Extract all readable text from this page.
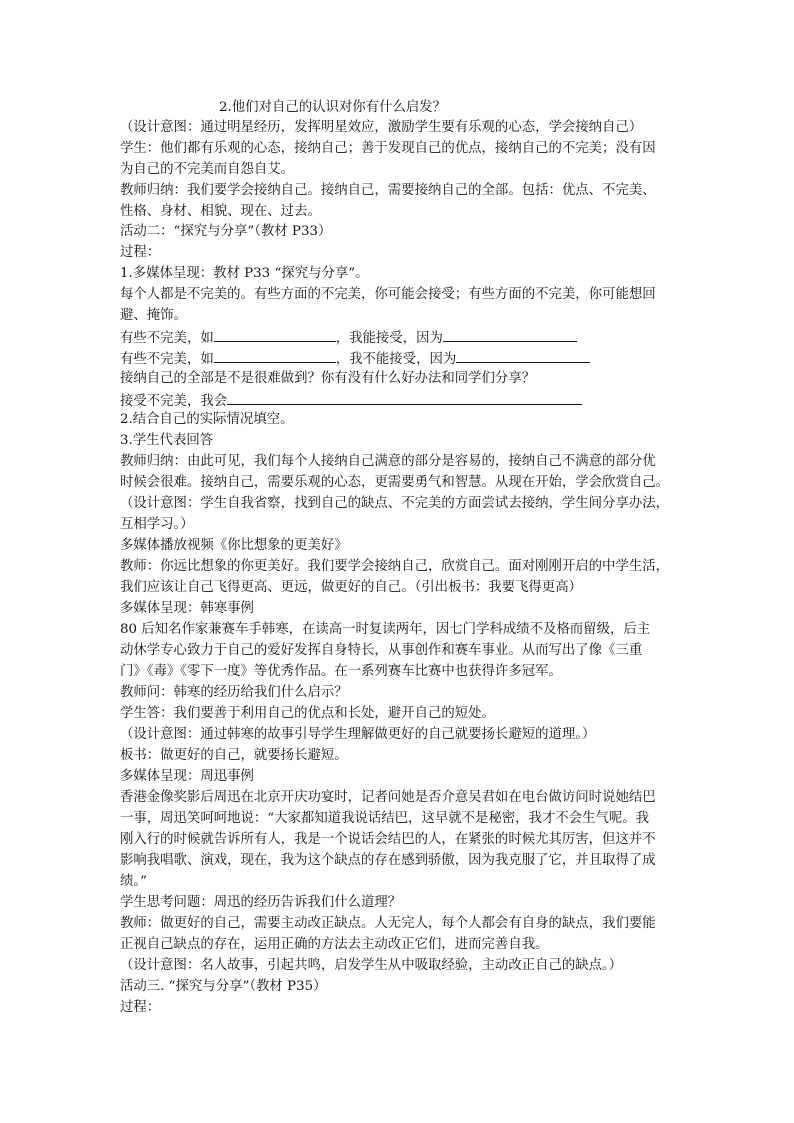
2.他们对自己的认识对你有什么启发？
（设计意图：通过明星经历，发挥明星效应，激励学生要有乐观的心态，学会接纳自己）
学生：他们都有乐观的心态，接纳自己；善于发现自己的优点，接纳自己的不完美；没有因
为自己的不完美而自怨自艾。
教师归纳：我们要学会接纳自己。接纳自己，需要接纳自己的全部。包括：优点、不完美、
性格、身材、相貌、现在、过去。
活动二：“探究与分享”（教材 P33）
过程：
1.多媒体呈现：教材 P33 “探究与分享”。
每个人都是不完美的。有些方面的不完美，你可能会接受；有些方面的不完美，你可能想回
避、掩饰。
有些不完美，如	，我能接受，因为
有些不完美，如	，我不能接受，因为
接纳自己的全部是不是很难做到？你有没有什么好办法和同学们分享？
接受不完美，我会
2.结合自己的实际情况填空。
3.学生代表回答
教师归纳：由此可见，我们每个人接纳自己满意的部分是容易的，接纳自己不满意的部分优
时候会很难。接纳自己，需要乐观的心态，更需要勇气和智慧。从现在开始，学会欣赏自己。
（设计意图：学生自我省察，找到自己的缺点、不完美的方面尝试去接纳，学生间分享办法，
互相学习。）
多媒体播放视频《你比想象的更美好》
教师：你远比想象的你更美好。我们要学会接纳自己，欣赏自己。面对刚刚开启的中学生活，
我们应该让自己飞得更高、更远，做更好的自己。（引出板书：我要飞得更高）
多媒体呈现：韩寒事例
80 后知名作家兼赛车手韩寒，在读高一时复读两年，因七门学科成绩不及格而留级，后主
动休学专心致力于自己的爱好发挥自身特长，从事创作和赛车事业。从而写出了像《三重
门》《毒》《零下一度》等优秀作品。在一系列赛车比赛中也获得许多冠军。
教师问：韩寒的经历给我们什么启示？
学生答：我们要善于利用自己的优点和长处，避开自己的短处。
（设计意图：通过韩寒的故事引导学生理解做更好的自己就要扬长避短的道理。）
板书：做更好的自己，就要扬长避短。
多媒体呈现：周迅事例
香港金像奖影后周迅在北京开庆功宴时，记者问她是否介意吴君如在电台做访问时说她结巴
一事，周迅笑呵呵地说：“大家都知道我说话结巴，这早就不是秘密，我才不会生气呢。我
刚入行的时候就告诉所有人，我是一个说话会结巴的人，在紧张的时候尤其厉害，但这并不
影响我唱歌、演戏，现在，我为这个缺点的存在感到骄傲，因为我克服了它，并且取得了成
绩。”
学生思考问题：周迅的经历告诉我们什么道理？
教师：做更好的自己，需要主动改正缺点。人无完人，每个人都会有自身的缺点，我们要能
正视自己缺点的存在，运用正确的方法去主动改正它们，进而完善自我。
（设计意图：名人故事，引起共鸣，启发学生从中吸取经验，主动改正自己的缺点。）
活动三. “探究与分享”（教材 P35）
过程：
